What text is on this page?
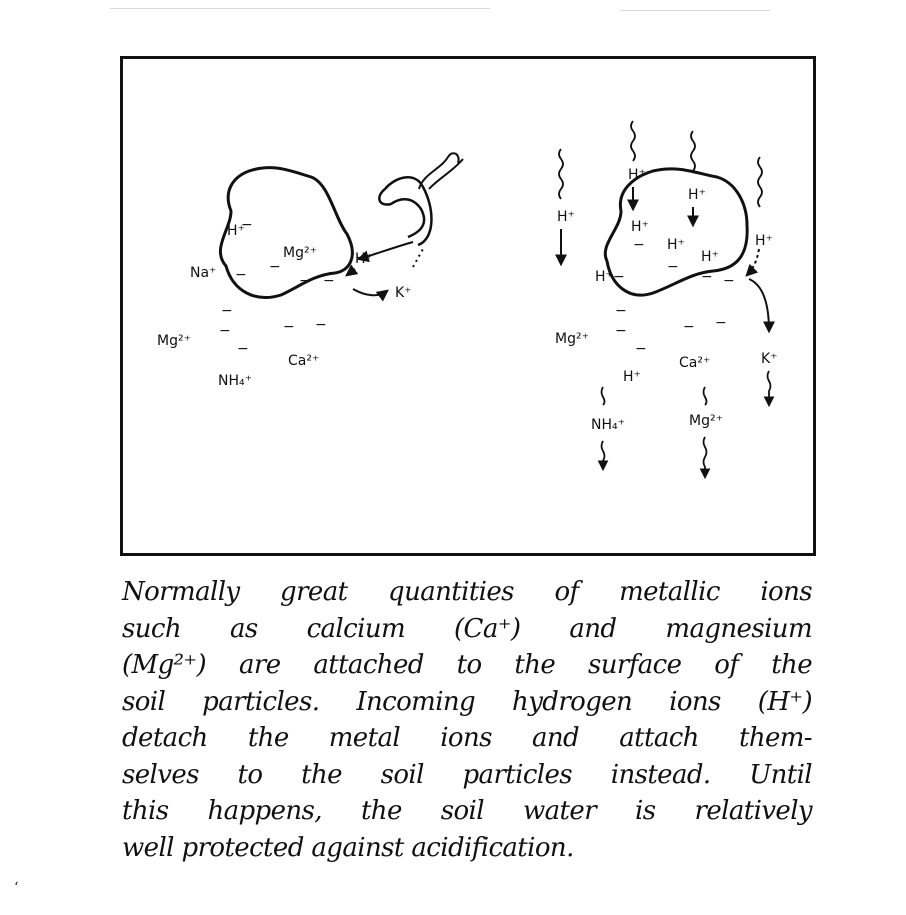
H⁺
Mg²⁺
Na⁺
Mg²⁺
Ca²⁺
NH₄⁺
H⁺
K⁺
−
−
−	− −
−
−	− −
−
H⁺
H⁺
H⁺
H⁺
H⁺
H⁺
H⁺
H⁺
Mg²⁺
H⁺
Ca²⁺	K⁺
NH₄⁺	Mg²⁺
−
−
−
− −
−
−	− −
−
Normally great quantities of metallic ions
such as calcium (Ca⁺) and magnesium
(Mg²⁺) are attached to the surface of the
soil particles. Incoming hydrogen ions (H⁺)
detach the metal ions and attach them-
selves to the soil particles instead. Until
this happens, the soil water is relatively
well protected against acidification.
‘
